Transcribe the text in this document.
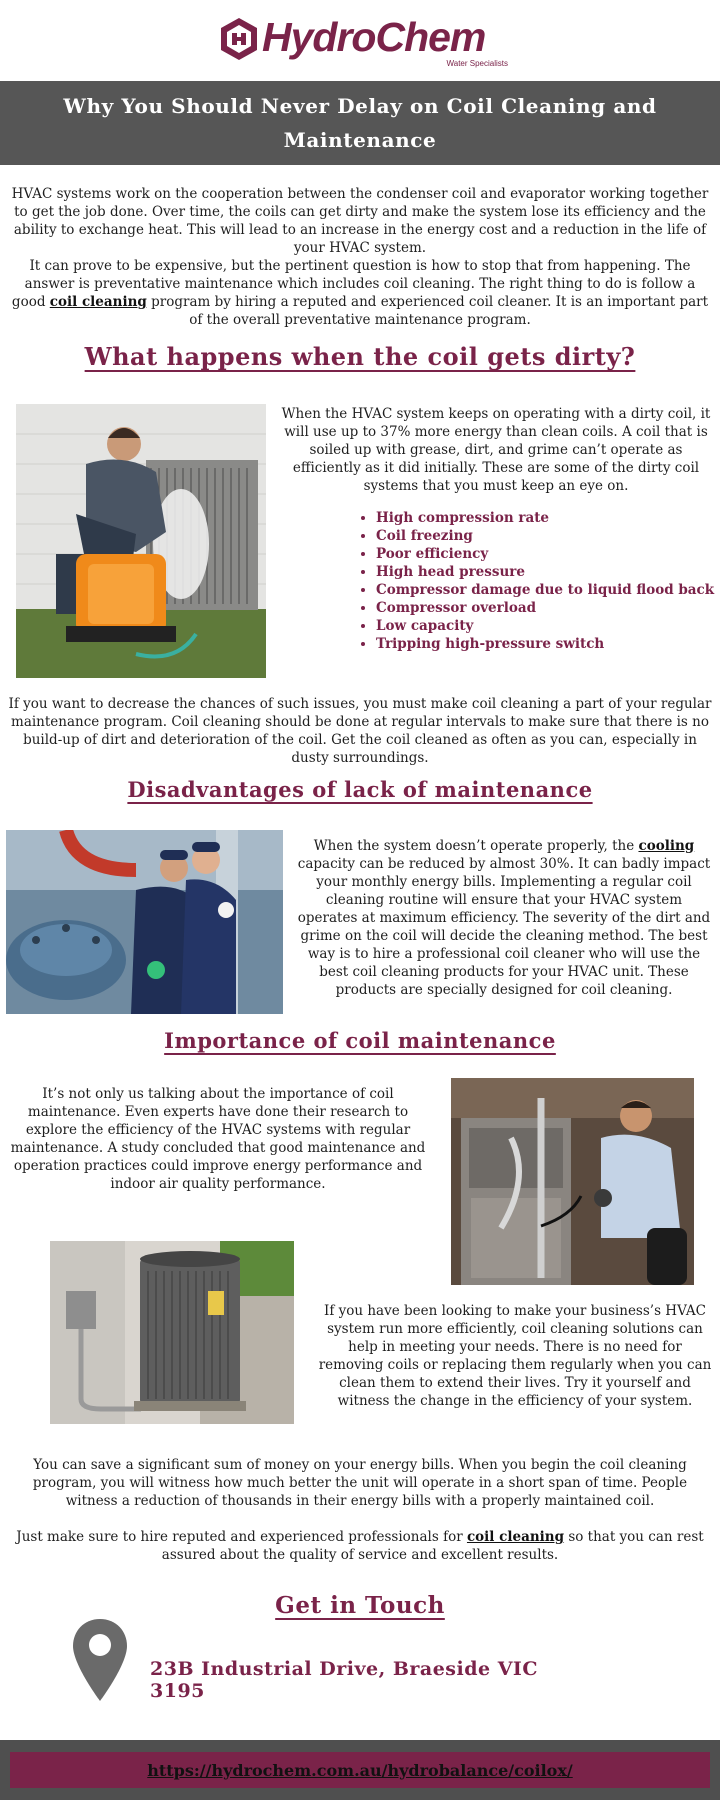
HydroChem
Water Specialists
Why You Should Never Delay on Coil Cleaning and Maintenance

HVAC systems work on the cooperation between the condenser coil and evaporator working together to get the job done. Over time, the coils can get dirty and make the system lose its efficiency and the ability to exchange heat. This will lead to an increase in the energy cost and a reduction in the life of your HVAC system.

It can prove to be expensive, but the pertinent question is how to stop that from happening. The answer is preventative maintenance which includes coil cleaning. The right thing to do is follow a good coil cleaning program by hiring a reputed and experienced coil cleaner. It is an important part of the overall preventative maintenance program.

What happens when the coil gets dirty?

When the HVAC system keeps on operating with a dirty coil, it will use up to 37% more energy than clean coils. A coil that is soiled up with grease, dirt, and grime can’t operate as efficiently as it did initially. These are some of the dirty coil systems that you must keep an eye on.

• High compression rate
• Coil freezing
• Poor efficiency
• High head pressure
• Compressor damage due to liquid flood back
• Compressor overload
• Low capacity
• Tripping high-pressure switch

If you want to decrease the chances of such issues, you must make coil cleaning a part of your regular maintenance program. Coil cleaning should be done at regular intervals to make sure that there is no build-up of dirt and deterioration of the coil. Get the coil cleaned as often as you can, especially in dusty surroundings.

Disadvantages of lack of maintenance

When the system doesn’t operate properly, the cooling capacity can be reduced by almost 30%. It can badly impact your monthly energy bills. Implementing a regular coil cleaning routine will ensure that your HVAC system operates at maximum efficiency. The severity of the dirt and grime on the coil will decide the cleaning method. The best way is to hire a professional coil cleaner who will use the best coil cleaning products for your HVAC unit. These products are specially designed for coil cleaning.

Importance of coil maintenance

It’s not only us talking about the importance of coil maintenance. Even experts have done their research to explore the efficiency of the HVAC systems with regular maintenance. A study concluded that good maintenance and operation practices could improve energy performance and indoor air quality performance.

If you have been looking to make your business’s HVAC system run more efficiently, coil cleaning solutions can help in meeting your needs. There is no need for removing coils or replacing them regularly when you can clean them to extend their lives. Try it yourself and witness the change in the efficiency of your system.

You can save a significant sum of money on your energy bills. When you begin the coil cleaning program, you will witness how much better the unit will operate in a short span of time. People witness a reduction of thousands in their energy bills with a properly maintained coil.

Just make sure to hire reputed and experienced professionals for coil cleaning so that you can rest assured about the quality of service and excellent results.

Get in Touch
23B Industrial Drive, Braeside VIC 3195
https://hydrochem.com.au/hydrobalance/coilox/
